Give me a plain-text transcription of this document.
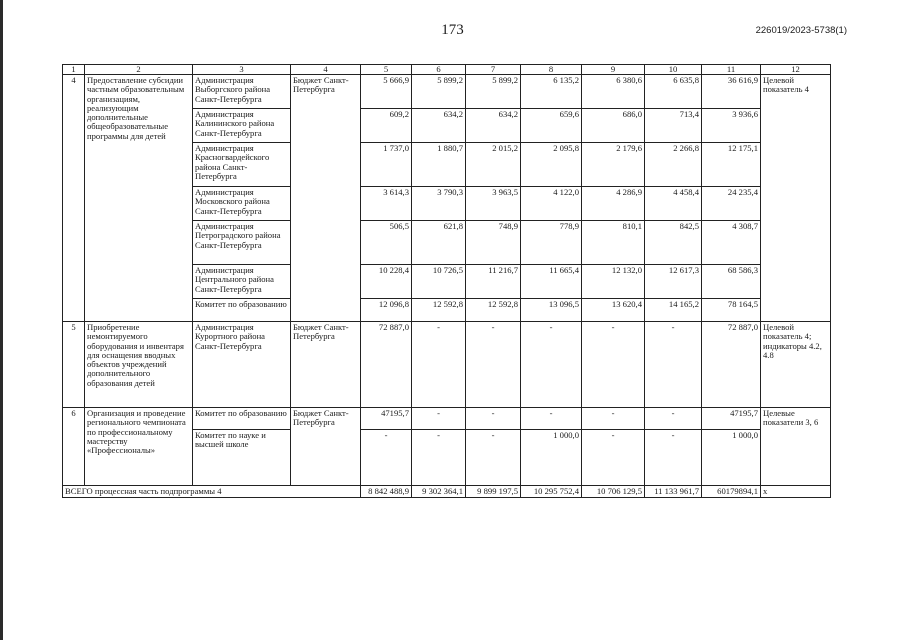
173	226019/2023-5738(1)
1	2	3	4	5	6	7	8	9	10	11	12
4	Предоставление субсидии частным образовательным организациям, реализующим дополнительные общеобразовательные программы для детей	Администрация Выборгского района Санкт-Петербурга	Бюджет Санкт-Петербурга	5 666,9	5 899,2	5 899,2	6 135,2	6 380,6	6 635,8	36 616,9	Целевой показатель 4
		Администрация Калининского района Санкт-Петербурга		609,2	634,2	634,2	659,6	686,0	713,4	3 936,6	
		Администрация Красногвардейского района Санкт-Петербурга		1 737,0	1 880,7	2 015,2	2 095,8	2 179,6	2 266,8	12 175,1	
		Администрация Московского района Санкт-Петербурга		3 614,3	3 790,3	3 963,5	4 122,0	4 286,9	4 458,4	24 235,4	
		Администрация Петроградского района Санкт-Петербурга		506,5	621,8	748,9	778,9	810,1	842,5	4 308,7	
		Администрация Центрального района Санкт-Петербурга		10 228,4	10 726,5	11 216,7	11 665,4	12 132,0	12 617,3	68 586,3	
		Комитет по образованию		12 096,8	12 592,8	12 592,8	13 096,5	13 620,4	14 165,2	78 164,5	
5	Приобретение немонтируемого оборудования и инвентаря для оснащения вводных объектов учреждений дополнительного образования детей	Администрация Курортного района Санкт-Петербурга	Бюджет Санкт-Петербурга	72 887,0	-	-	-	-	-	72 887,0	Целевой показатель 4; индикаторы 4.2, 4.8
6	Организация и проведение регионального чемпионата по профессиональному мастерству «Профессионалы»	Комитет по образованию	Бюджет Санкт-Петербурга	47195,7	-	-	-	-	-	47195,7	Целевые показатели 3, 6
		Комитет по науке и высшей школе		-	-	-	1 000,0	-	-	1 000,0	
ВСЕГО процессная часть подпрограммы 4				8 842 488,9	9 302 364,1	9 899 197,5	10 295 752,4	10 706 129,5	11 133 961,7	60179894,1	х
